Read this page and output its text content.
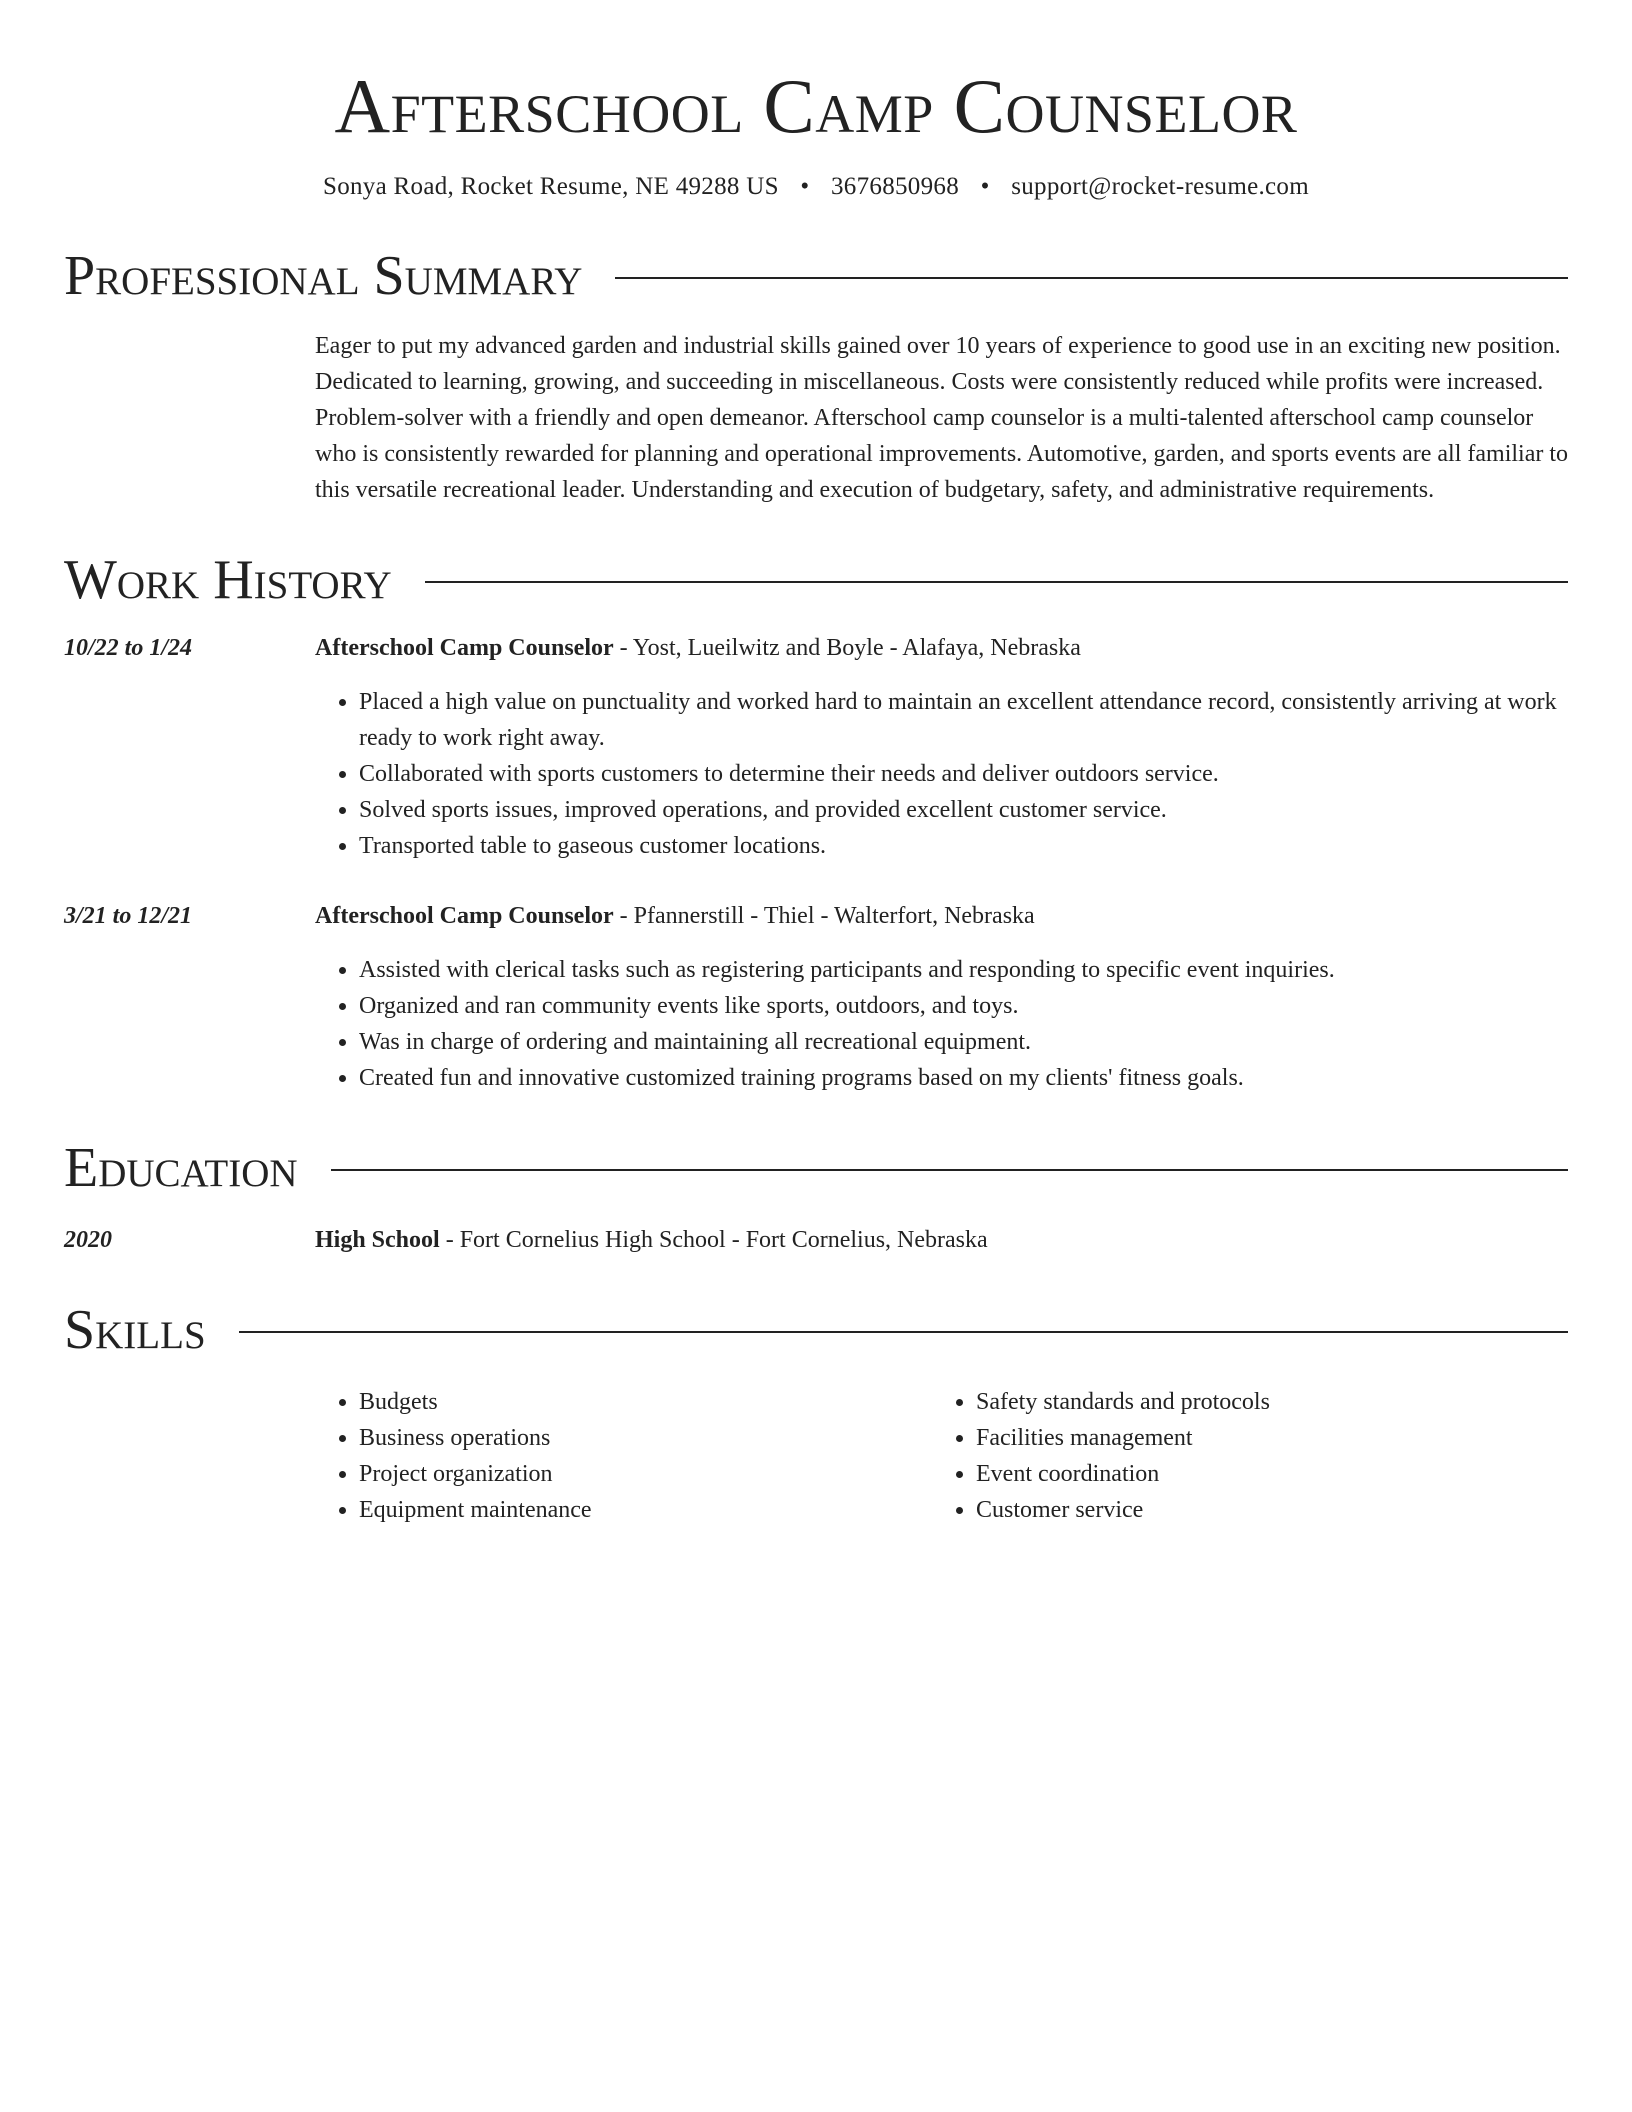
Afterschool Camp Counselor
Sonya Road, Rocket Resume, NE 49288 US • 3676850968 • support@rocket-resume.com
Professional Summary
Eager to put my advanced garden and industrial skills gained over 10 years of experience to good use in an exciting new position. Dedicated to learning, growing, and succeeding in miscellaneous. Costs were consistently reduced while profits were increased. Problem-solver with a friendly and open demeanor. Afterschool camp counselor is a multi-talented afterschool camp counselor who is consistently rewarded for planning and operational improvements. Automotive, garden, and sports events are all familiar to this versatile recreational leader. Understanding and execution of budgetary, safety, and administrative requirements.
Work History
10/22 to 1/24	Afterschool Camp Counselor - Yost, Lueilwitz and Boyle - Alafaya, Nebraska
• Placed a high value on punctuality and worked hard to maintain an excellent attendance record, consistently arriving at work ready to work right away.
• Collaborated with sports customers to determine their needs and deliver outdoors service.
• Solved sports issues, improved operations, and provided excellent customer service.
• Transported table to gaseous customer locations.
3/21 to 12/21	Afterschool Camp Counselor - Pfannerstill - Thiel - Walterfort, Nebraska
• Assisted with clerical tasks such as registering participants and responding to specific event inquiries.
• Organized and ran community events like sports, outdoors, and toys.
• Was in charge of ordering and maintaining all recreational equipment.
• Created fun and innovative customized training programs based on my clients' fitness goals.
Education
2020	High School - Fort Cornelius High School - Fort Cornelius, Nebraska
Skills
• Budgets
• Business operations
• Project organization
• Equipment maintenance
• Safety standards and protocols
• Facilities management
• Event coordination
• Customer service
